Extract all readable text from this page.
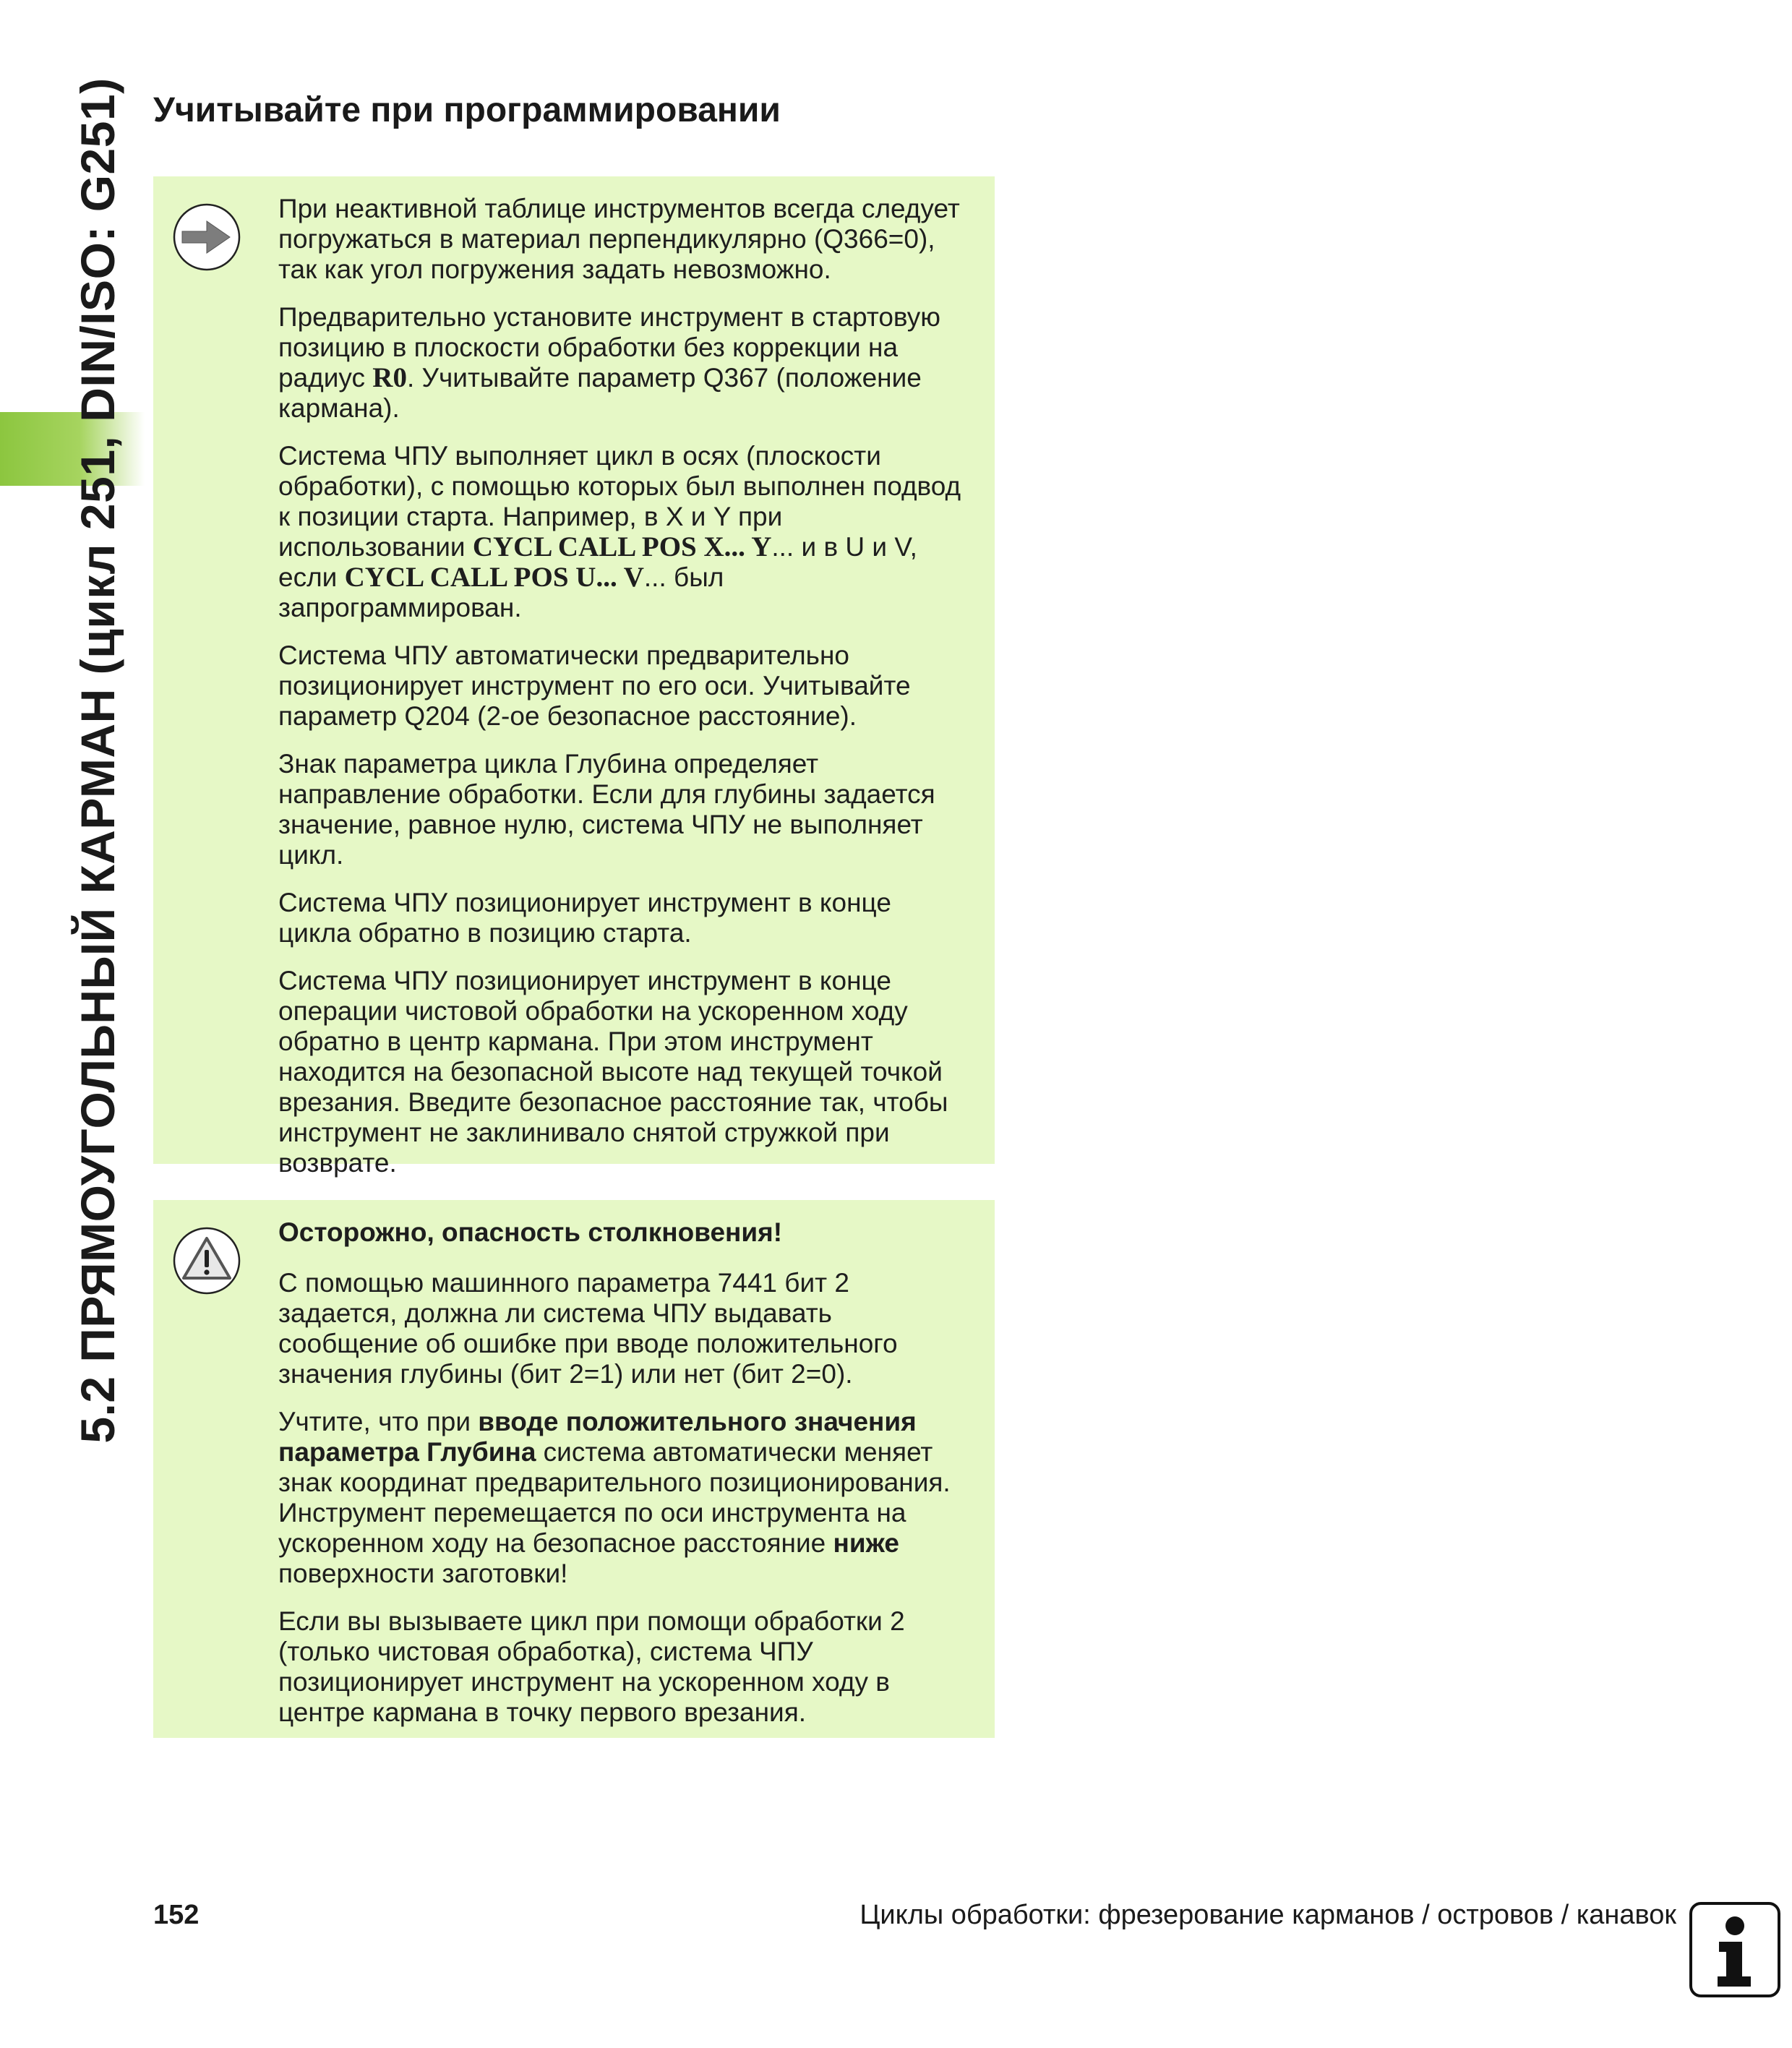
5.2 ПРЯМОУГОЛЬНЫЙ КАРМАН (цикл 251, DIN/ISO: G251) Учитывайте при программировании

При неактивной таблице инструментов всегда следует погружаться в материал перпендикулярно (Q366=0), так как угол погружения задать невозможно.

Предварительно установите инструмент в стартовую позицию в плоскости обработки без коррекции на радиус R0. Учитывайте параметр Q367 (положение кармана).

Система ЧПУ выполняет цикл в осях (плоскости обработки), с помощью которых был выполнен подвод к позиции старта. Например, в X и Y при использовании CYCL CALL POS X... Y... и в U и V, если CYCL CALL POS U... V... был запрограммирован.

Система ЧПУ автоматически предварительно позиционирует инструмент по его оси. Учитывайте параметр Q204 (2-ое безопасное расстояние).

Знак параметра цикла Глубина определяет направление обработки. Если для глубины задается значение, равное нулю, система ЧПУ не выполняет цикл.

Система ЧПУ позиционирует инструмент в конце цикла обратно в позицию старта.

Система ЧПУ позиционирует инструмент в конце операции чистовой обработки на ускоренном ходу обратно в центр кармана. При этом инструмент находится на безопасной высоте над текущей точкой врезания. Введите безопасное расстояние так, чтобы инструмент не заклинивало снятой стружкой при возврате.

Осторожно, опасность столкновения!

С помощью машинного параметра 7441 бит 2 задается, должна ли система ЧПУ выдавать сообщение об ошибке при вводе положительного значения глубины (бит 2=1) или нет (бит 2=0).

Учтите, что при вводе положительного значения параметра Глубина система автоматически меняет знак координат предварительного позиционирования. Инструмент перемещается по оси инструмента на ускоренном ходу на безопасное расстояние ниже поверхности заготовки!

Если вы вызываете цикл при помощи обработки 2 (только чистовая обработка), система ЧПУ позиционирует инструмент на ускоренном ходу в центре кармана в точку первого врезания.

152	Циклы обработки: фрезерование карманов / островов / канавок
